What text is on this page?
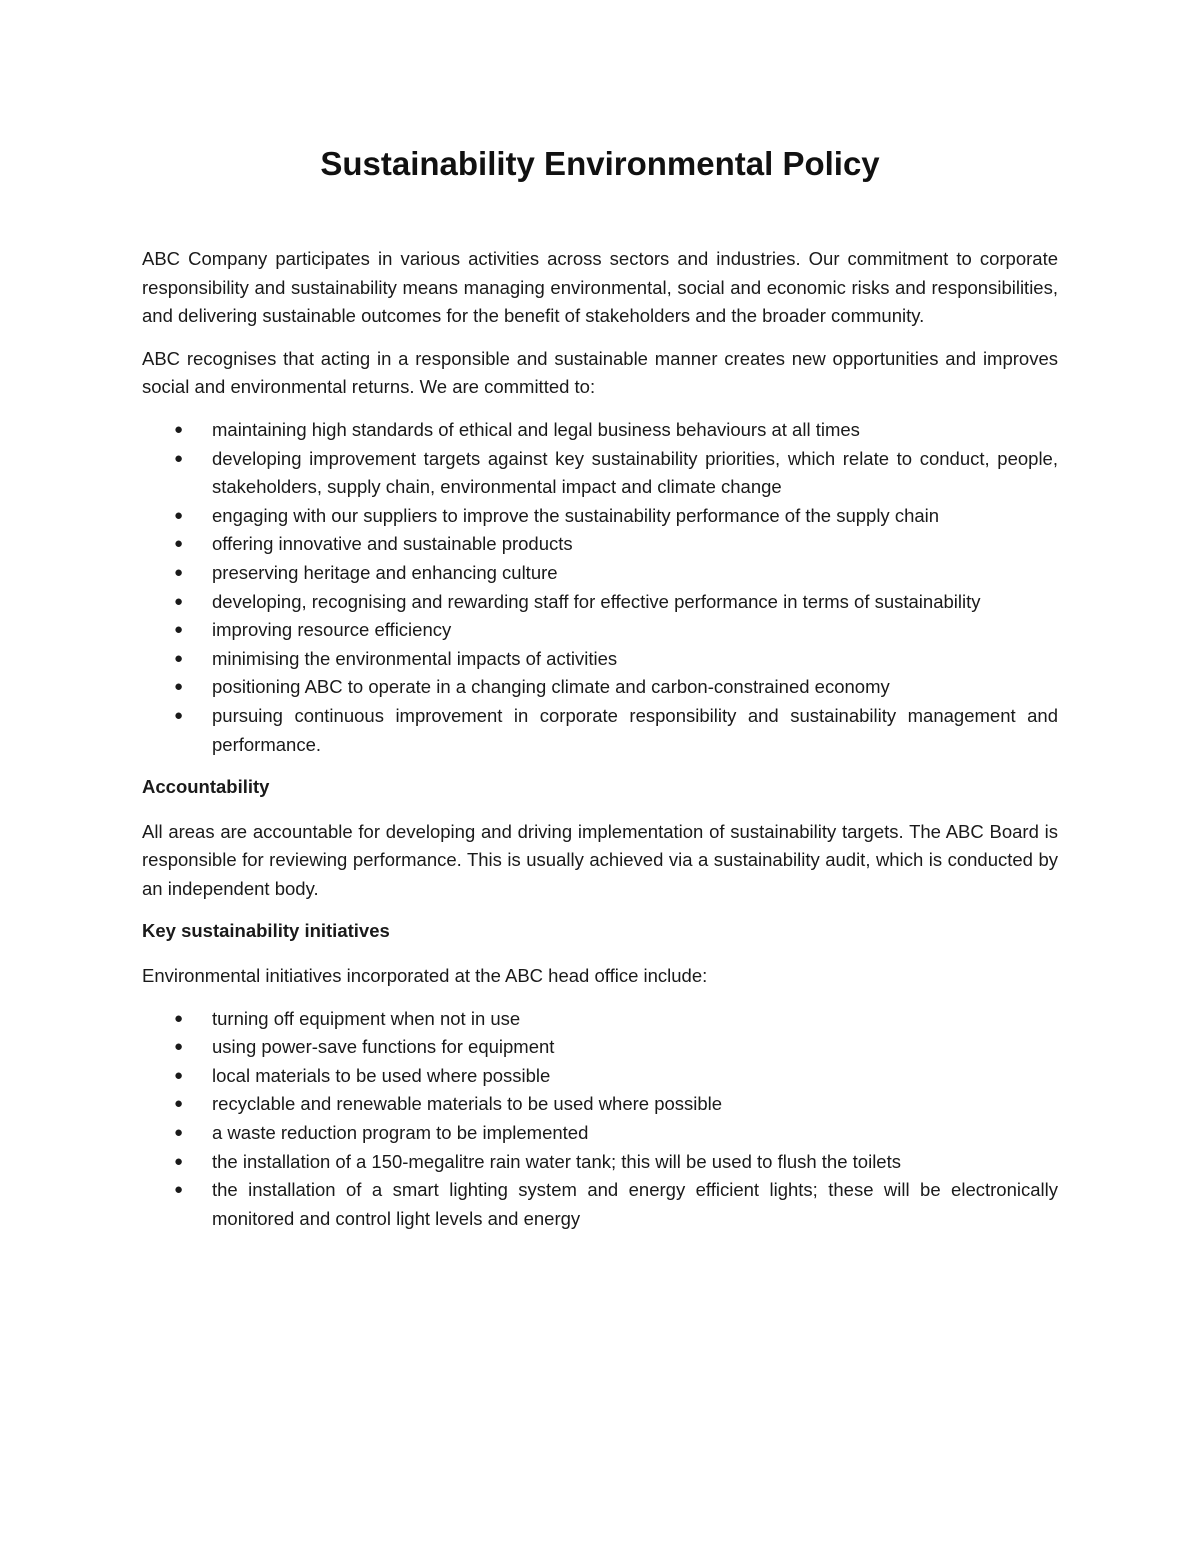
Sustainability Environmental Policy

ABC Company participates in various activities across sectors and industries. Our commitment to corporate responsibility and sustainability means managing environmental, social and economic risks and responsibilities, and delivering sustainable outcomes for the benefit of stakeholders and the broader community.

ABC recognises that acting in a responsible and sustainable manner creates new opportunities and improves social and environmental returns. We are committed to:

● maintaining high standards of ethical and legal business behaviours at all times
● developing improvement targets against key sustainability priorities, which relate to conduct, people, stakeholders, supply chain, environmental impact and climate change
● engaging with our suppliers to improve the sustainability performance of the supply chain
● offering innovative and sustainable products
● preserving heritage and enhancing culture
● developing, recognising and rewarding staff for effective performance in terms of sustainability
● improving resource efficiency
● minimising the environmental impacts of activities
● positioning ABC to operate in a changing climate and carbon-constrained economy
● pursuing continuous improvement in corporate responsibility and sustainability management and performance.
Accountability

All areas are accountable for developing and driving implementation of sustainability targets. The ABC Board is responsible for reviewing performance. This is usually achieved via a sustainability audit, which is conducted by an independent body.

Key sustainability initiatives

Environmental initiatives incorporated at the ABC head office include:

● turning off equipment when not in use
● using power-save functions for equipment
● local materials to be used where possible
● recyclable and renewable materials to be used where possible
● a waste reduction program to be implemented
● the installation of a 150-megalitre rain water tank; this will be used to flush the toilets
● the installation of a smart lighting system and energy efficient lights; these will be electronically monitored and control light levels and energy
